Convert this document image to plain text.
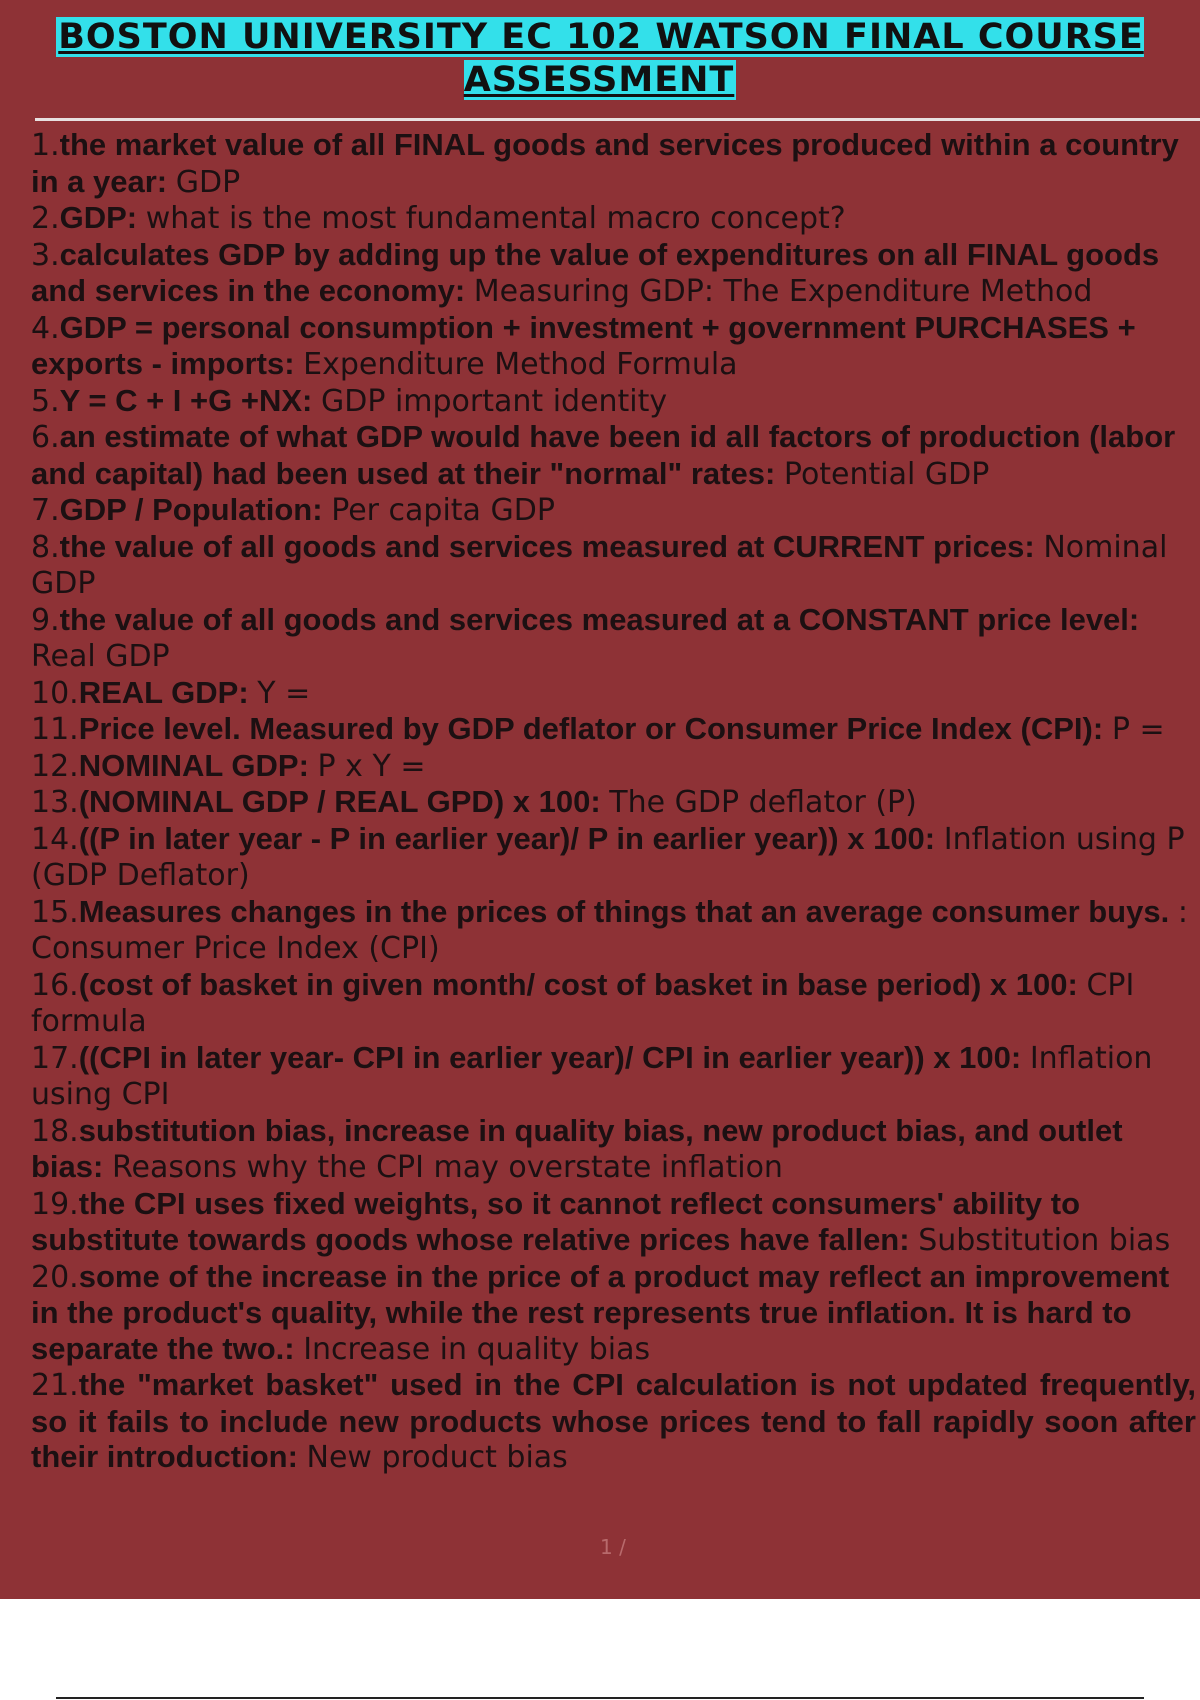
BOSTON UNIVERSITY EC 102 WATSON FINAL COURSE ASSESSMENT
1.the market value of all FINAL goods and services produced within a country in a year: GDP
2.GDP: what is the most fundamental macro concept?
3.calculates GDP by adding up the value of expenditures on all FINAL goods and services in the economy: Measuring GDP: The Expenditure Method
4.GDP = personal consumption + investment + government PURCHASES + exports - imports: Expenditure Method Formula
5.Y = C + I +G +NX: GDP important identity
6.an estimate of what GDP would have been id all factors of production (labor and capital) had been used at their "normal" rates: Potential GDP
7.GDP / Population: Per capita GDP
8.the value of all goods and services measured at CURRENT prices: Nominal GDP
9.the value of all goods and services measured at a CONSTANT price level: Real GDP
10.REAL GDP: Y =
11.Price level. Measured by GDP deflator or Consumer Price Index (CPI): P =
12.NOMINAL GDP: P x Y =
13.(NOMINAL GDP / REAL GPD) x 100: The GDP deflator (P)
14.((P in later year - P in earlier year)/ P in earlier year)) x 100: Inflation using P (GDP Deflator)
15.Measures changes in the prices of things that an average consumer buys. : Consumer Price Index (CPI)
16.(cost of basket in given month/ cost of basket in base period) x 100: CPI formula
17.((CPI in later year- CPI in earlier year)/ CPI in earlier year)) x 100: Inflation using CPI
18.substitution bias, increase in quality bias, new product bias, and outlet bias: Reasons why the CPI may overstate inflation
19.the CPI uses fixed weights, so it cannot reflect consumers' ability to substitute towards goods whose relative prices have fallen: Substitution bias
20.some of the increase in the price of a product may reflect an improvement in the product's quality, while the rest represents true inflation. It is hard to separate the two.: Increase in quality bias
21.the "market basket" used in the CPI calculation is not updated frequently, so it fails to include new products whose prices tend to fall rapidly soon after their introduction: New product bias
1 /
